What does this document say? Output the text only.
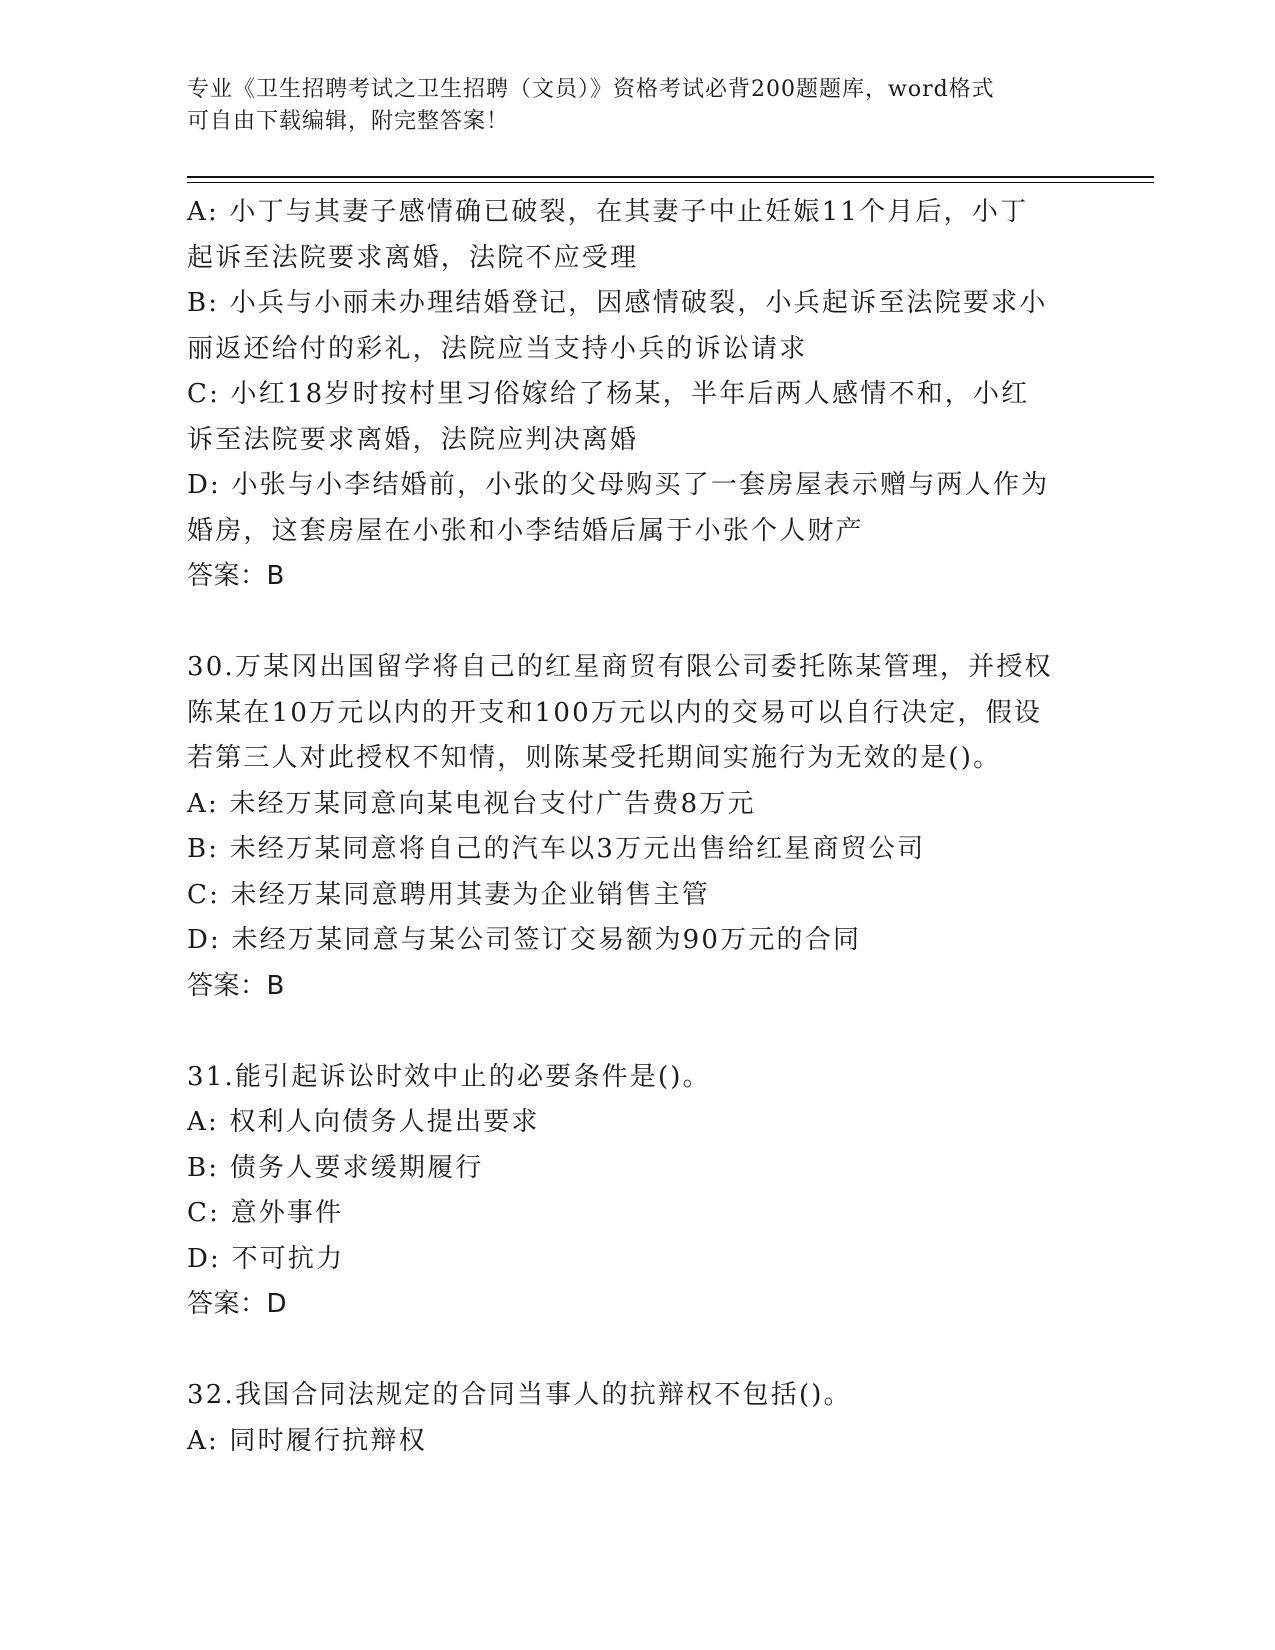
专业《卫生招聘考试之卫生招聘（文员）》资格考试必背200题题库，word格式
可自由下载编辑，附完整答案！
A: 小丁与其妻子感情确已破裂，在其妻子中止妊娠11个月后，小丁
起诉至法院要求离婚，法院不应受理
B: 小兵与小丽未办理结婚登记，因感情破裂，小兵起诉至法院要求小
丽返还给付的彩礼，法院应当支持小兵的诉讼请求
C: 小红18岁时按村里习俗嫁给了杨某，半年后两人感情不和，小红
诉至法院要求离婚，法院应判决离婚
D: 小张与小李结婚前，小张的父母购买了一套房屋表示赠与两人作为
婚房，这套房屋在小张和小李结婚后属于小张个人财产
答案：B
30.万某冈出国留学将自己的红星商贸有限公司委托陈某管理，并授权
陈某在10万元以内的开支和100万元以内的交易可以自行决定，假设
若第三人对此授权不知情，则陈某受托期间实施行为无效的是()。
A: 未经万某同意向某电视台支付广告费8万元
B: 未经万某同意将自己的汽车以3万元出售给红星商贸公司
C: 未经万某同意聘用其妻为企业销售主管
D: 未经万某同意与某公司签订交易额为90万元的合同
答案：B
31.能引起诉讼时效中止的必要条件是()。
A: 权利人向债务人提出要求
B: 债务人要求缓期履行
C: 意外事件
D: 不可抗力
答案：D
32.我国合同法规定的合同当事人的抗辩权不包括()。
A: 同时履行抗辩权
